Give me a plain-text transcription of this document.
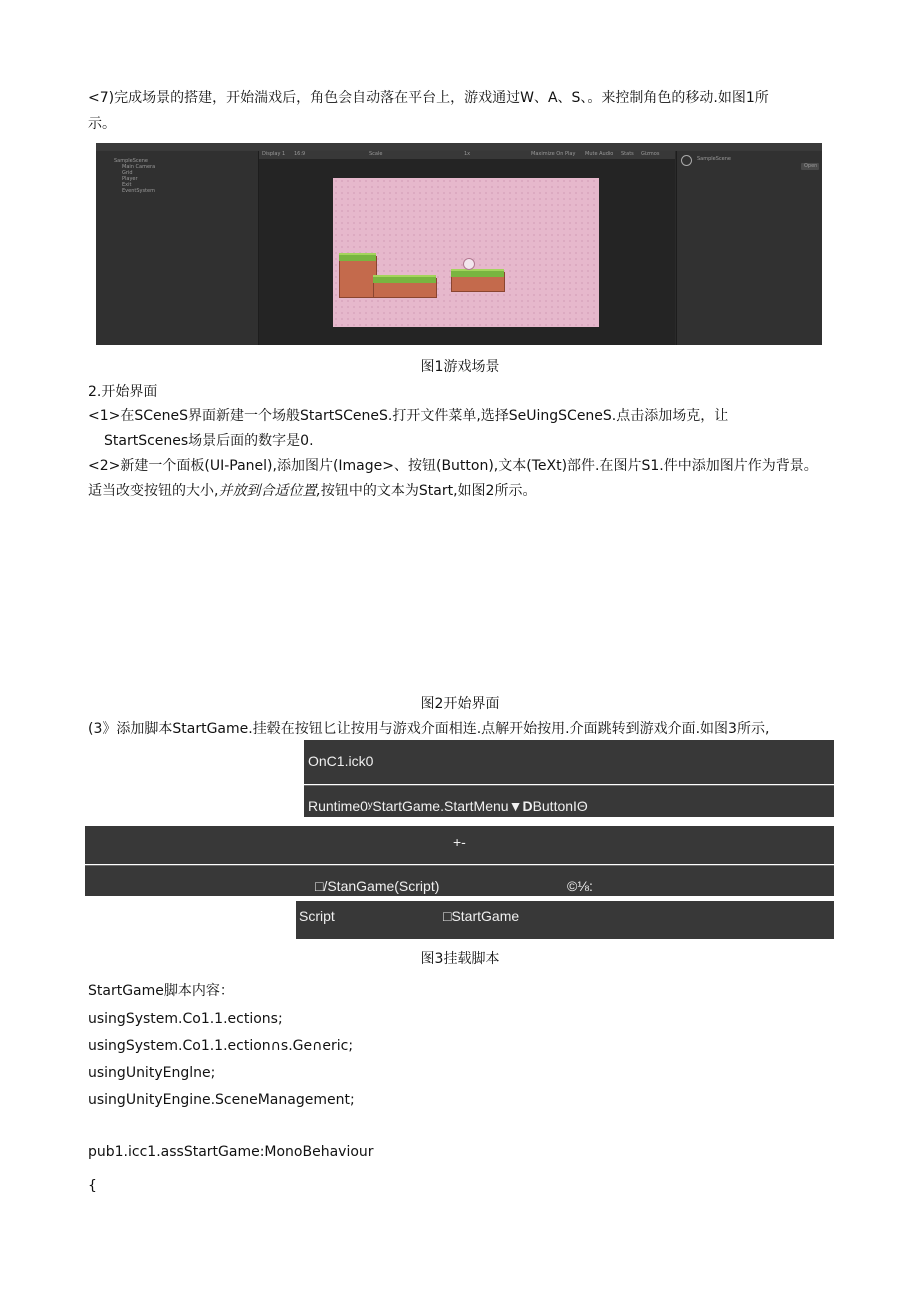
<7)完成场景的搭建，开始湍戏后，角色会自动落在平台上，游戏通过W、A、S、。来控制角色的移动.如图1所
示。
SampleScene
Main Camera
Grid
Player
Exit
EventSystem
Display 1 16:9	Scale	1x	Maximize On Play Mute Audio Stats Gizmos
SampleScene
Open
图1游戏场景
2.开始界面
<1>在SCeneS界面新建一个场般StartSCeneS.打开文件菜单,选择SeUingSCeneS.点击添加场克，让
StartScenes场景后面的数字是0.
<2>新建一个面板(UI-Panel),添加图片(Image>、按钮(Button),文本(TeXt)部件.在图片S1.件中添加图片作为背景。
适当改变按钮的大小,并放到合适位置,按钮中的文本为Start,如图2所示。
图2开始界面
(3》添加脚本StartGame.挂毂在按钮匕让按用与游戏介面相连.点解开始按用.介面跳转到游戏介面.如图3所示,
OnC1.ick0
Runtime0ʸStartGame.StartMenu▼DButtonIΘ
+-
□/StanGame(Script)	©⅛:
Script	□StartGame
图3挂载脚本
StartGame脚本内容：
usingSystem.Co1.1.ections;
usingSystem.Co1.1.ection∩s.Ge∩eric;
usingUnityEnglne;
usingUnityEngine.SceneManagement;
pub1.icc1.assStartGame:MonoBehaviour
{
